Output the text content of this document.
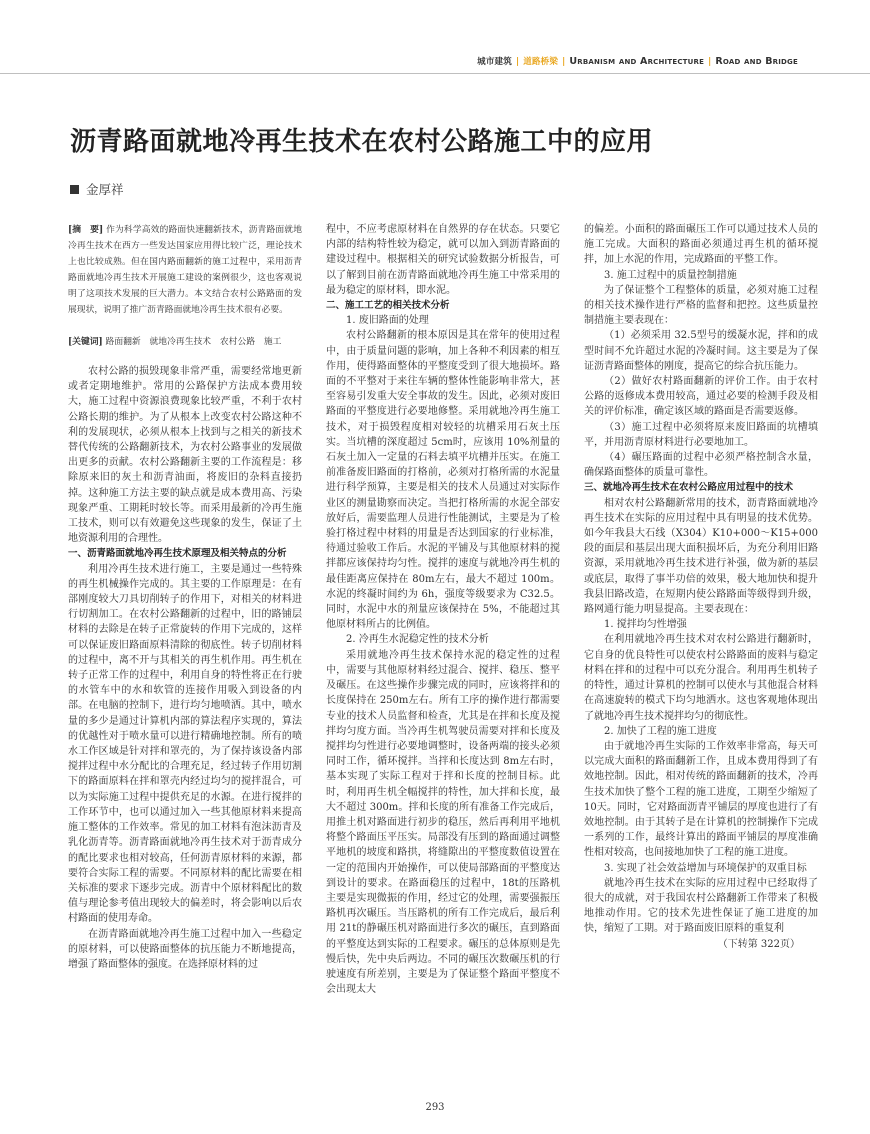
城市建筑 | 道路桥梁 | Urbanism and Architecture | Road and Bridge
沥青路面就地冷再生技术在农村公路施工中的应用
金厚祥
[摘　要] 作为科学高效的路面快速翻新技术，沥青路面就地冷再生技术在西方一些发达国家应用得比较广泛，理论技术上也比较成熟。但在国内路面翻新的施工过程中，采用沥青路面就地冷再生技术开展施工建设的案例很少，这也客观说明了这项技术发展的巨大潜力。本文结合农村公路路面的发展现状，说明了推广沥青路面就地冷再生技术很有必要。
[关键词] 路面翻新　就地冷再生技术　农村公路　施工

农村公路的损毁现象非常严重，需要经常地更新或者定期地维护。常用的公路保护方法成本费用较大，施工过程中资源浪费现象比较严重，不利于农村公路长期的维护。为了从根本上改变农村公路这种不利的发展现状，必须从根本上找到与之相关的新技术替代传统的公路翻新技术，为农村公路事业的发展做出更多的贡献。农村公路翻新主要的工作流程是：移除原来旧的灰土和沥青油面，将废旧的杂料直接扔掉。这种施工方法主要的缺点就是成本费用高、污染现象严重、工期耗时较长等。而采用最新的冷再生施工技术，则可以有效避免这些现象的发生，保证了土地资源利用的合理性。

一、沥青路面就地冷再生技术原理及相关特点的分析

利用冷再生技术进行施工，主要是通过一些特殊的再生机械操作完成的。其主要的工作原理是：在有部刚度较大刀具切削转子的作用下，对相关的材料进行切割加工。在农村公路翻新的过程中，旧的路铺层材料的去除是在转子正常旋转的作用下完成的，这样可以保证废旧路面原料清除的彻底性。转子切削材料的过程中，离不开与其相关的再生机作用。再生机在转子正常工作的过程中，利用自身的特性将正在行驶的水管车中的水和软管的连接作用吸入到设备的内部。在电脑的控制下，进行均匀地喷洒。其中，喷水量的多少是通过计算机内部的算法程序实现的，算法的优越性对于喷水量可以进行精确地控制。所有的喷水工作区域是针对拌和罩壳的，为了保持该设备内部搅拌过程中水分配比的合理充足，经过转子作用切割下的路面原料在拌和罩壳内经过均匀的搅拌混合，可以为实际施工过程中提供充足的水源。在进行搅拌的工作环节中，也可以通过加入一些其他原材料来提高施工整体的工作效率。常见的加工材料有泡沫沥青及乳化沥青等。沥青路面就地冷再生技术对于沥青成分的配比要求也相对较高，任何沥青原材料的来源，都要符合实际工程的需要。不同原材料的配比需要在相关标准的要求下逐步完成。沥青中个原材料配比的数值与理论参考值出现较大的偏差时，将会影响以后农村路面的使用寿命。

在沥青路面就地冷再生施工过程中加入一些稳定的原材料，可以使路面整体的抗压能力不断地提高，增强了路面整体的强度。在选择原材料的过

程中，不应考虑原材料在自然界的存在状态。只要它内部的结构特性较为稳定，就可以加入到沥青路面的建设过程中。根据相关的研究试验数据分析报告，可以了解到目前在沥青路面就地冷再生施工中常采用的最为稳定的原材料，即水泥。

二、施工工艺的相关技术分析

1. 废旧路面的处理

农村公路翻新的根本原因是其在常年的使用过程中，由于质量问题的影响，加上各种不利因素的相互作用，使得路面整体的平整度受到了很大地损坏。路面的不平整对于来往车辆的整体性能影响非常大，甚至容易引发重大安全事故的发生。因此，必须对废旧路面的平整度进行必要地修整。采用就地冷再生施工技术，对于损毁程度相对较轻的坑槽采用石灰土压实。当坑槽的深度超过 5cm时，应该用 10%剂量的石灰土加入一定量的石料去填平坑槽并压实。在施工前准备废旧路面的打格前，必须对打格所需的水泥量进行科学预算，主要是相关的技术人员通过对实际作业区的测量勘察而决定。当把打格所需的水泥全部安放好后，需要监理人员进行性能测试，主要是为了检验打格过程中材料的用量是否达到国家的行业标准，待通过验收工作后。水泥的平铺及与其他原材料的搅拌都应该保持均匀性。搅拌的速度与就地冷再生机的最佳距离应保持在 80m左右，最大不超过 100m。水泥的终凝时间约为 6h，强度等级要求为 C32.5。同时，水泥中水的剂量应该保持在 5%，不能超过其他原材料所占的比例值。

2. 冷再生水泥稳定性的技术分析

采用就地冷再生技术保持水泥的稳定性的过程中，需要与其他原材料经过混合、搅拌、稳压、整平及碾压。在这些操作步骤完成的同时，应该将拌和的长度保持在 250m左右。所有工序的操作进行都需要专业的技术人员监督和检查，尤其是在拌和长度及搅拌均匀度方面。当冷再生机驾驶员需要对拌和长度及搅拌均匀性进行必要地调整时，设备两端的接头必须同时工作，循环搅拌。当拌和长度达到 8m左右时，基本实现了实际工程对于拌和长度的控制目标。此时，利用再生机全幅搅拌的特性，加大拌和长度，最大不超过 300m。拌和长度的所有准备工作完成后，用推土机对路面进行初步的稳压，然后再利用平地机将整个路面压平压实。局部没有压到的路面通过调整平地机的坡度和路拱，将缝隙出的平整度数值设置在一定的范围内开始操作，可以使局部路面的平整度达到设计的要求。在路面稳压的过程中，18t的压路机主要是实现微振的作用，经过它的处理，需要强振压路机再次碾压。当压路机的所有工作完成后，最后利用 21t的静碾压机对路面进行多次的碾压，直到路面的平整度达到实际的工程要求。碾压的总体原则是先慢后快，先中央后两边。不同的碾压次数碾压机的行驶速度有所差别，主要是为了保证整个路面平整度不会出现太大

的偏差。小面积的路面碾压工作可以通过技术人员的施工完成。大面积的路面必须通过再生机的循环搅拌，加上水泥的作用，完成路面的平整工作。

3. 施工过程中的质量控制措施

为了保证整个工程整体的质量，必须对施工过程的相关技术操作进行严格的监督和把控。这些质量控制措施主要表现在：

（1）必须采用 32.5型号的缓凝水泥，拌和的成型时间不允许超过水泥的冷凝时间。这主要是为了保证沥青路面整体的刚度，提高它的综合抗压能力。

（2）做好农村路面翻新的评价工作。由于农村公路的返修成本费用较高，通过必要的检测手段及相关的评价标准，确定该区域的路面是否需要返修。

（3）施工过程中必须将原来废旧路面的坑槽填平，并用沥青原材料进行必要地加工。

（4）碾压路面的过程中必须严格控制含水量，确保路面整体的质量可靠性。

三、就地冷再生技术在农村公路应用过程中的技术

相对农村公路翻新常用的技术，沥青路面就地冷再生技术在实际的应用过程中具有明显的技术优势。如今年我县大石线（X304）K10+000～K15+000段的面层和基层出现大面积损坏后，为充分利用旧路资源，采用就地冷再生技术进行补强，做为新的基层或底层，取得了事半功倍的效果，极大地加快和提升我县旧路改造，在短期内使公路路面等级得到升级，路网通行能力明显提高。主要表现在：

1. 搅拌均匀性增强

在利用就地冷再生技术对农村公路进行翻新时，它自身的优良特性可以使农村公路路面的废料与稳定材料在拌和的过程中可以充分混合。利用再生机转子的特性，通过计算机的控制可以使水与其他混合材料在高速旋转的模式下均匀地洒水。这也客观地体现出了就地冷再生技术搅拌均匀的彻底性。

2. 加快了工程的施工进度

由于就地冷再生实际的工作效率非常高，每天可以完成大面积的路面翻新工作，且成本费用得到了有效地控制。因此，相对传统的路面翻新的技术，冷再生技术加快了整个工程的施工进度，工期至少缩短了 10天。同时，它对路面沥青平铺层的厚度也进行了有效地控制。由于其转子是在计算机的控制操作下完成一系列的工作，最终计算出的路面平铺层的厚度准确性相对较高，也间接地加快了工程的施工进度。

3. 实现了社会效益增加与环境保护的双重目标

就地冷再生技术在实际的应用过程中已经取得了很大的成就，对于我国农村公路翻新工作带来了积极地推动作用。它的技术先进性保证了施工进度的加快，缩短了工期。对于路面废旧原料的重复利

（下转第 322页）

293
